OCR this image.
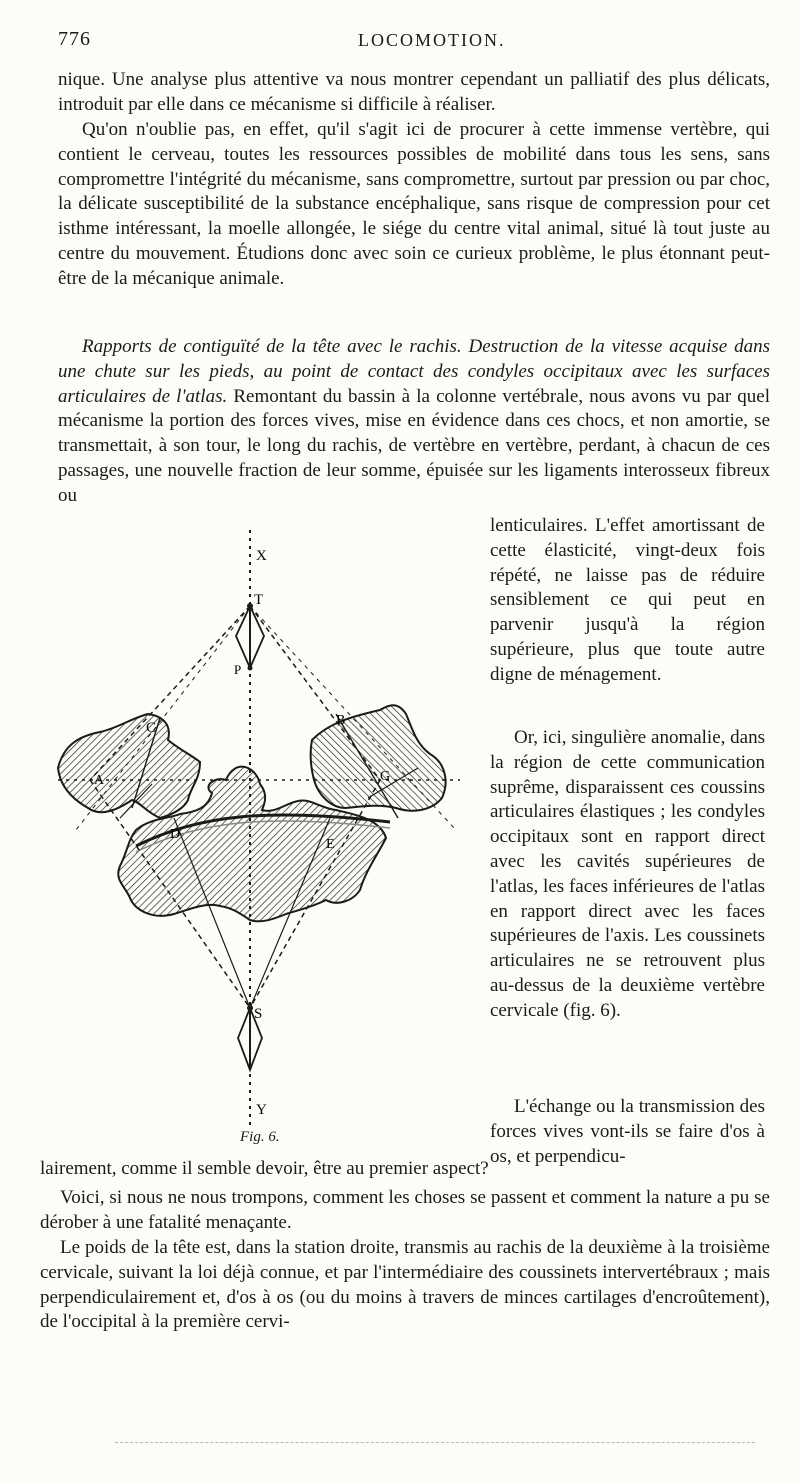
776	LOCOMOTION.

nique. Une analyse plus attentive va nous montrer cependant un palliatif des plus délicats, introduit par elle dans ce mécanisme si difficile à réaliser.

Qu'on n'oublie pas, en effet, qu'il s'agit ici de procurer à cette immense vertèbre, qui contient le cerveau, toutes les ressources possibles de mobilité dans tous les sens, sans compromettre l'intégrité du mécanisme, sans compromettre, surtout par pression ou par choc, la délicate susceptibilité de la substance encéphalique, sans risque de compression pour cet isthme intéressant, la moelle allongée, le siége du centre vital animal, situé là tout juste au centre du mouvement. Étudions donc avec soin ce curieux problème, le plus étonnant peut-être de la mécanique animale.

Rapports de contiguïté de la tête avec le rachis. Destruction de la vitesse acquise dans une chute sur les pieds, au point de contact des condyles occipitaux avec les surfaces articulaires de l'atlas. Remontant du bassin à la colonne vertébrale, nous avons vu par quel mécanisme la portion des forces vives, mise en évidence dans ces chocs, et non amortie, se transmettait, à son tour, le long du rachis, de vertèbre en vertèbre, perdant, à chacun de ces passages, une nouvelle fraction de leur somme, épuisée sur les ligaments interosseux fibreux ou

X
T
P
C	B
A	G
D
E
S
Y
Fig. 6.

lenticulaires. L'effet amortissant de cette élasticité, vingt-deux fois répété, ne laisse pas de réduire sensiblement ce qui peut en parvenir jusqu'à la région supérieure, plus que toute autre digne de ménagement.

Or, ici, singulière anomalie, dans la région de cette communication suprême, disparaissent ces coussins articulaires élastiques ; les condyles occipitaux sont en rapport direct avec les cavités supérieures de l'atlas, les faces inférieures de l'atlas en rapport direct avec les faces supérieures de l'axis. Les coussinets articulaires ne se retrouvent plus au-dessus de la deuxième vertèbre cervicale (fig. 6).

L'échange ou la transmission des forces vives vont-ils se faire d'os à os, et perpendicu-

lairement, comme il semble devoir, être au premier aspect?

Voici, si nous ne nous trompons, comment les choses se passent et comment la nature a pu se dérober à une fatalité menaçante.

Le poids de la tête est, dans la station droite, transmis au rachis de la deuxième à la troisième cervicale, suivant la loi déjà connue, et par l'intermédiaire des coussinets intervertébraux ; mais perpendiculairement et, d'os à os (ou du moins à travers de minces cartilages d'encroûtement), de l'occipital à la première cervi-
